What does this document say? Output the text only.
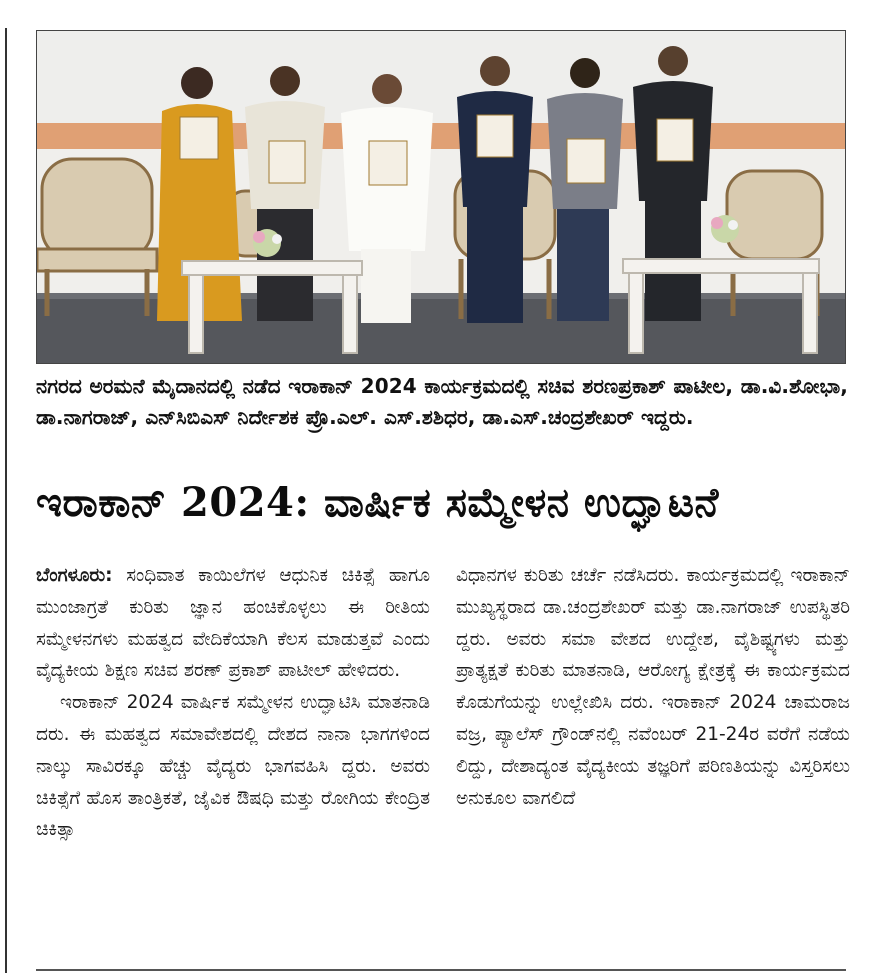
ನಗರದ ಅರಮನೆ ಮೈದಾನದಲ್ಲಿ ನಡೆದ ಇರಾಕಾನ್ 2024 ಕಾರ್ಯಕ್ರಮದಲ್ಲಿ ಸಚಿವ ಶರಣಪ್ರಕಾಶ್ ಪಾಟೀಲ, ಡಾ.ವಿ.ಶೋಭಾ, ಡಾ.ನಾಗರಾಜ್, ಎನ್‌ಸಿಬಿಎಸ್ ನಿರ್ದೇಶಕ ಪ್ರೊ.ಎಲ್. ಎಸ್.ಶಶಿಧರ, ಡಾ.ಎಸ್.ಚಂದ್ರಶೇಖರ್ ಇದ್ದರು.
ಇರಾಕಾನ್ 2024: ವಾರ್ಷಿಕ ಸಮ್ಮೇಳನ ಉದ್ಘಾಟನೆ

ಬೆಂಗಳೂರು: ಸಂಧಿವಾತ ಕಾಯಿಲೆಗಳ ಆಧುನಿಕ ಚಿಕಿತ್ಸೆ ಹಾಗೂ ಮುಂಜಾಗ್ರತೆ ಕುರಿತು ಜ್ಞಾನ ಹಂಚಿಕೊಳ್ಳಲು ಈ ರೀತಿಯ ಸಮ್ಮೇಳನಗಳು ಮಹತ್ವದ ವೇದಿಕೆಯಾಗಿ ಕೆಲಸ ಮಾಡುತ್ತವೆ ಎಂದು ವೈದ್ಯಕೀಯ ಶಿಕ್ಷಣ ಸಚಿವ ಶರಣ್ ಪ್ರಕಾಶ್ ಪಾಟೀಲ್ ಹೇಳಿದರು.

ಇರಾಕಾನ್ 2024 ವಾರ್ಷಿಕ ಸಮ್ಮೇಳನ ಉದ್ಘಾಟಿಸಿ ಮಾತನಾಡಿ ದರು. ಈ ಮಹತ್ವದ ಸಮಾವೇಶದಲ್ಲಿ ದೇಶದ ನಾನಾ ಭಾಗಗಳಿಂದ ನಾಲ್ಕು ಸಾವಿರಕ್ಕೂ ಹೆಚ್ಚು ವೈದ್ಯರು ಭಾಗವಹಿಸಿ ದ್ದರು. ಅವರು ಚಿಕಿತ್ಸೆಗೆ ಹೊಸ ತಾಂತ್ರಿಕತೆ, ಜೈವಿಕ ಔಷಧಿ ಮತ್ತು ರೋಗಿಯ ಕೇಂದ್ರಿತ ಚಿಕಿತ್ಸಾ

ವಿಧಾನಗಳ ಕುರಿತು ಚರ್ಚೆ ನಡೆಸಿದರು. ಕಾರ್ಯಕ್ರಮದಲ್ಲಿ ಇರಾಕಾನ್ ಮುಖ್ಯಸ್ಥರಾದ ಡಾ.ಚಂದ್ರಶೇಖರ್ ಮತ್ತು ಡಾ.ನಾಗರಾಜ್ ಉಪಸ್ಥಿತರಿ ದ್ದರು. ಅವರು ಸಮಾ ವೇಶದ ಉದ್ದೇಶ, ವೈಶಿಷ್ಟ್ಯಗಳು ಮತ್ತು ಪ್ರಾತ್ಯಕ್ಷತೆ ಕುರಿತು ಮಾತನಾಡಿ, ಆರೋಗ್ಯ ಕ್ಷೇತ್ರಕ್ಕೆ ಈ ಕಾರ್ಯಕ್ರಮದ ಕೊಡುಗೆಯನ್ನು ಉಲ್ಲೇಖಿಸಿ ದರು. ಇರಾಕಾನ್ 2024 ಚಾಮರಾಜ ವಜ್ರ, ಪ್ಯಾಲೆಸ್ ಗ್ರೌಂಡ್‌ನಲ್ಲಿ ನವೆಂಬರ್ 21-24ರ ವರೆಗೆ ನಡೆಯ ಲಿದ್ದು, ದೇಶಾದ್ಯಂತ ವೈದ್ಯಕೀಯ ತಜ್ಞರಿಗೆ ಪರಿಣತಿಯನ್ನು ವಿಸ್ತರಿಸಲು ಅನುಕೂಲ ವಾಗಲಿದೆ
